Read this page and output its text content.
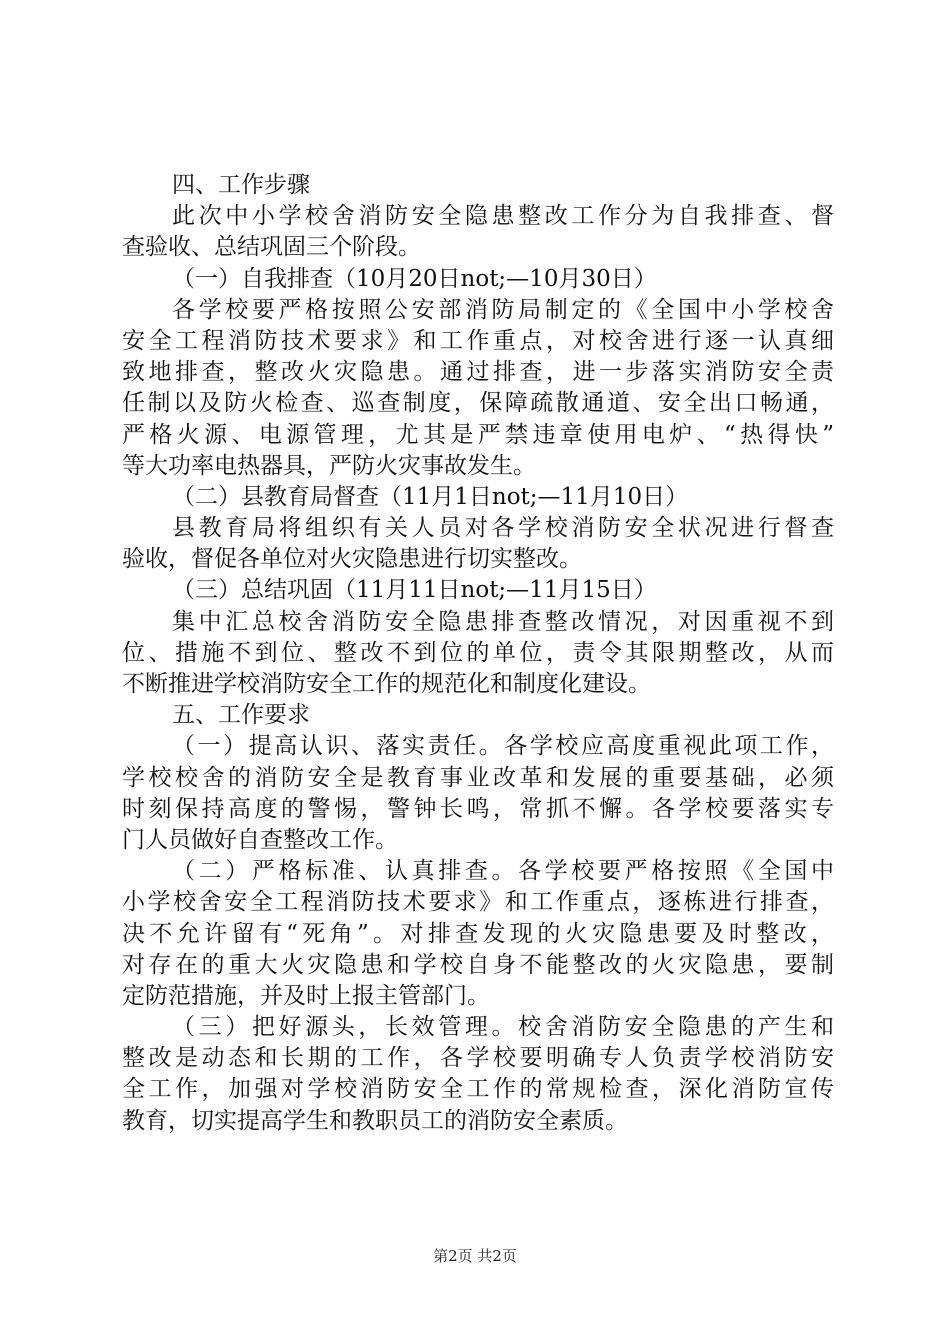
四、工作步骤
此次中小学校舍消防安全隐患整改工作分为自我排查、督
查验收、总结巩固三个阶段。
（一）自我排查（10月20日not;—10月30日）
各学校要严格按照公安部消防局制定的《全国中小学校舍
安全工程消防技术要求》和工作重点，对校舍进行逐一认真细
致地排查，整改火灾隐患。通过排查，进一步落实消防安全责
任制以及防火检查、巡查制度，保障疏散通道、安全出口畅通，
严格火源、电源管理，尤其是严禁违章使用电炉、“热得快”
等大功率电热器具，严防火灾事故发生。
（二）县教育局督查（11月1日not;—11月10日）
县教育局将组织有关人员对各学校消防安全状况进行督查
验收，督促各单位对火灾隐患进行切实整改。
（三）总结巩固（11月11日not;—11月15日）
集中汇总校舍消防安全隐患排查整改情况，对因重视不到
位、措施不到位、整改不到位的单位，责令其限期整改，从而
不断推进学校消防安全工作的规范化和制度化建设。
五、工作要求
（一）提高认识、落实责任。各学校应高度重视此项工作，
学校校舍的消防安全是教育事业改革和发展的重要基础，必须
时刻保持高度的警惕，警钟长鸣，常抓不懈。各学校要落实专
门人员做好自查整改工作。
（二）严格标准、认真排查。各学校要严格按照《全国中
小学校舍安全工程消防技术要求》和工作重点，逐栋进行排查，
决不允许留有“死角”。对排查发现的火灾隐患要及时整改，
对存在的重大火灾隐患和学校自身不能整改的火灾隐患，要制
定防范措施，并及时上报主管部门。
（三）把好源头，长效管理。校舍消防安全隐患的产生和
整改是动态和长期的工作，各学校要明确专人负责学校消防安
全工作，加强对学校消防安全工作的常规检查，深化消防宣传
教育，切实提高学生和教职员工的消防安全素质。
第2页 共2页
